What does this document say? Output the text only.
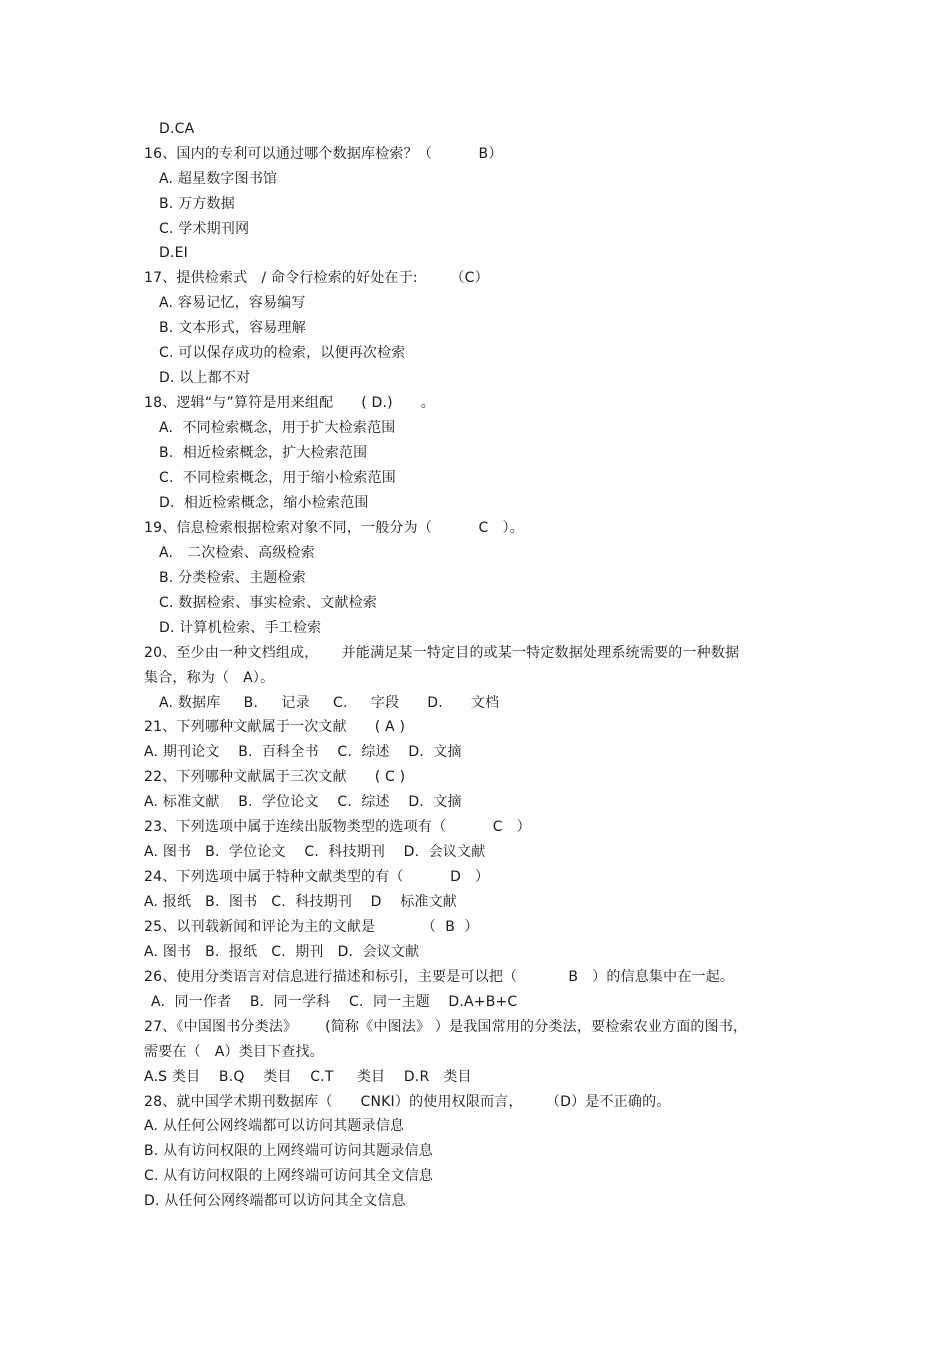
D.CA
16、国内的专利可以通过哪个数据库检索？（          B）
A. 超星数字图书馆
B. 万方数据
C. 学术期刊网
D.EI
17、提供检索式   / 命令行检索的好处在于:       （C）
A. 容易记忆，容易编写
B. 文本形式，容易理解
C. 可以保存成功的检索，以便再次检索
D. 以上都不对
18、逻辑“与”算符是用来组配      ( D.)      。
A.  不同检索概念，用于扩大检索范围
B.  相近检索概念，扩大检索范围
C.  不同检索概念，用于缩小检索范围
D.  相近检索概念，缩小检索范围
19、信息检索根据检索对象不同，一般分为（          C   ）。
A.   二次检索、高级检索
B. 分类检索、主题检索
C. 数据检索、事实检索、文献检索
D. 计算机检索、手工检索
20、至少由一种文档组成，     并能满足某一特定目的或某一特定数据处理系统需要的一种数据
集合，称为（   A）。
A. 数据库     B.     记录     C.     字段      D.      文档
21、下列哪种文献属于一次文献      ( A )
A. 期刊论文    B.  百科全书    C.  综述    D.  文摘
22、下列哪种文献属于三次文献      ( C )
A. 标准文献    B.  学位论文    C.  综述    D.  文摘
23、下列选项中属于连续出版物类型的选项有（          C   ）
A. 图书   B.  学位论文    C.  科技期刊    D.  会议文献
24、下列选项中属于特种文献类型的有（          D   ）
A. 报纸   B.  图书   C.  科技期刊    D    标准文献
25、以刊载新闻和评论为主的文献是          （  B  ）
A. 图书   B.  报纸   C.  期刊   D.  会议文献
26、使用分类语言对信息进行描述和标引，主要是可以把（           B   ）的信息集中在一起。
A.  同一作者    B.  同一学科    C.  同一主题    D.A+B+C
27、《中国图书分类法》      (简称《中图法》 ）是我国常用的分类法，要检索农业方面的图书，
需要在（   A）类目下查找。
A.S 类目    B.Q    类目    C.T     类目    D.R   类目
28、就中国学术期刊数据库（      CNKI）的使用权限而言，     （D）是不正确的。
A. 从任何公网终端都可以访问其题录信息
B. 从有访问权限的上网终端可访问其题录信息
C. 从有访问权限的上网终端可访问其全文信息
D. 从任何公网终端都可以访问其全文信息
